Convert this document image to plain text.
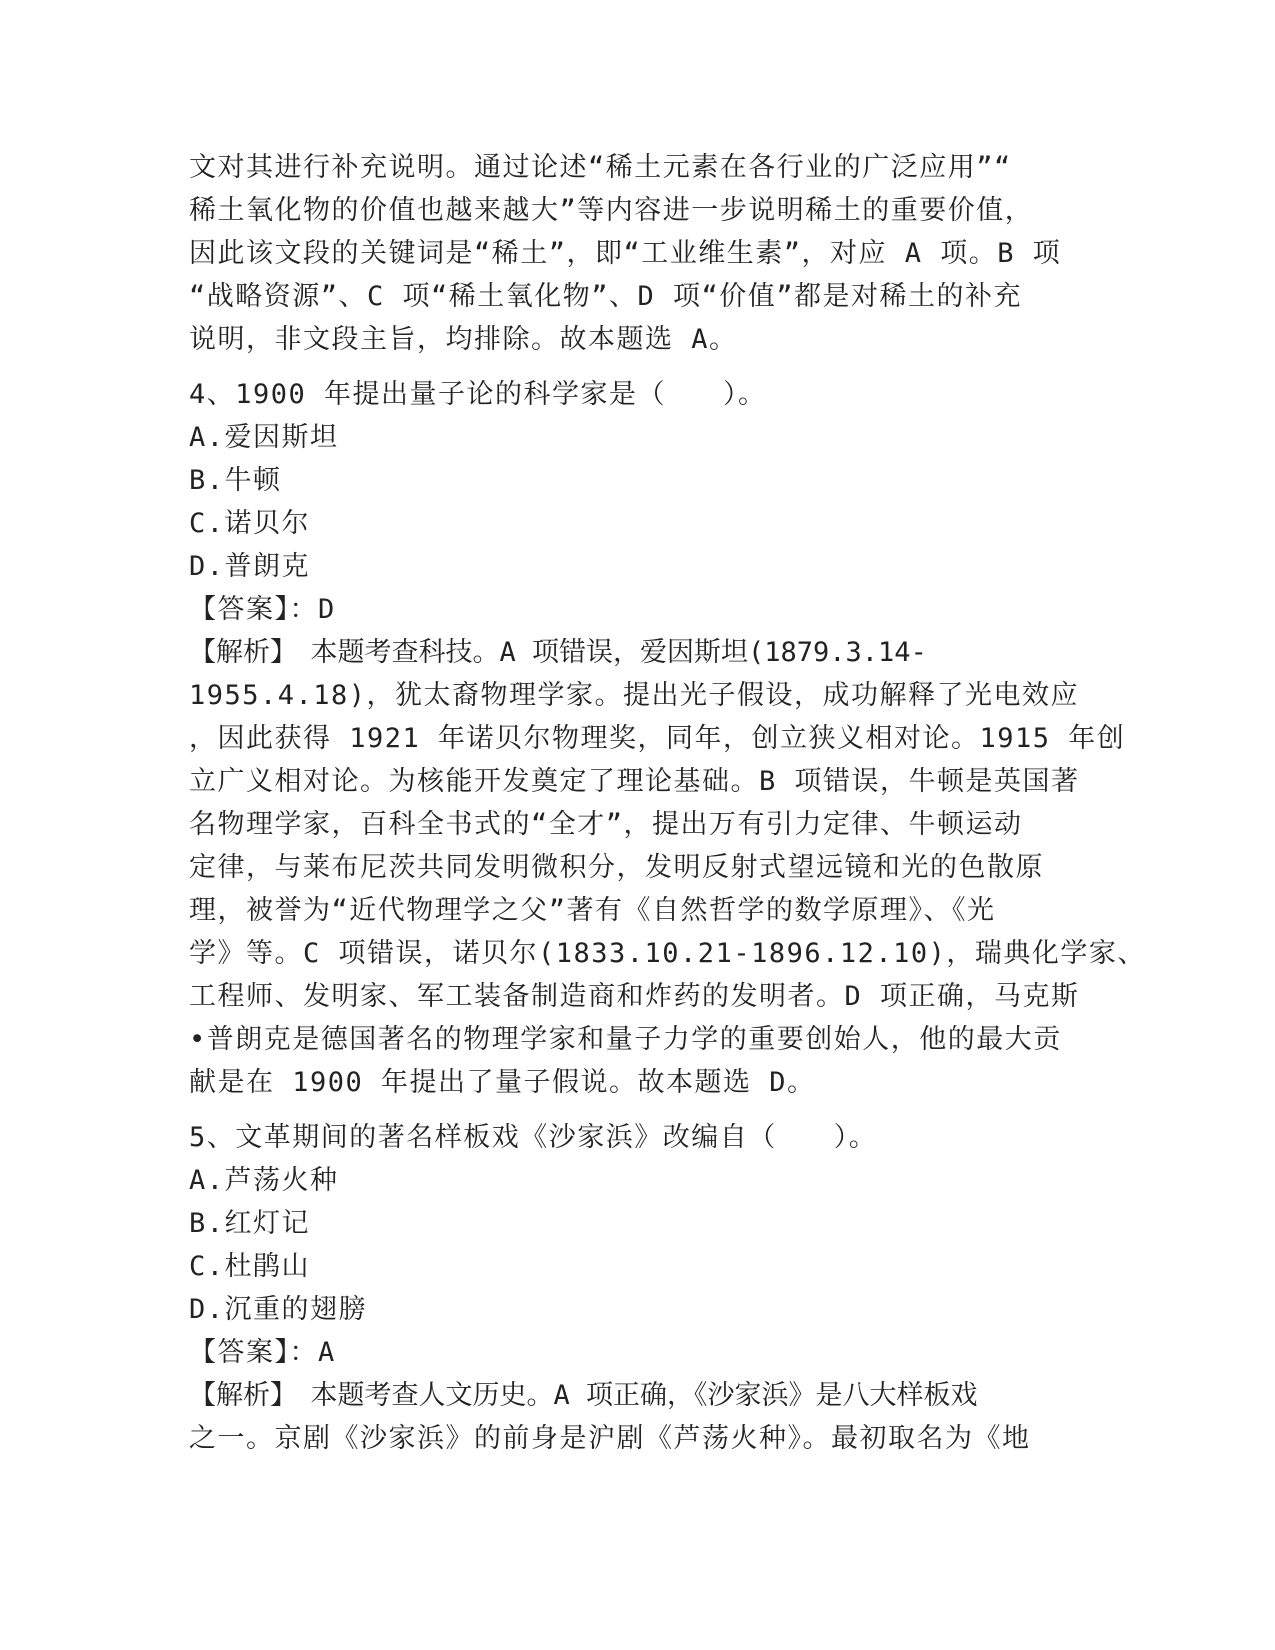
文对其进行补充说明。通过论述“稀土元素在各行业的广泛应用”“
稀土氧化物的价值也越来越大”等内容进一步说明稀土的重要价值，
因此该文段的关键词是“稀土”，即“工业维生素”，对应 A 项。B 项
“战略资源”、C 项“稀土氧化物”、D 项“价值”都是对稀土的补充
说明，非文段主旨，均排除。故本题选 A。
4、1900 年提出量子论的科学家是（　　）。
A.爱因斯坦
B.牛顿
C.诺贝尔
D.普朗克
【答案】：D
【解析】　本题考查科技。A 项错误，爱因斯坦(1879.3.14-
1955.4.18)，犹太裔物理学家。提出光子假设，成功解释了光电效应
，因此获得 1921 年诺贝尔物理奖，同年，创立狭义相对论。1915 年创
立广义相对论。为核能开发奠定了理论基础。B 项错误，牛顿是英国著
名物理学家，百科全书式的“全才”，提出万有引力定律、牛顿运动
定律，与莱布尼茨共同发明微积分，发明反射式望远镜和光的色散原
理，被誉为“近代物理学之父”著有《自然哲学的数学原理》、《光
学》等。C 项错误，诺贝尔(1833.10.21-1896.12.10)，瑞典化学家、
工程师、发明家、军工装备制造商和炸药的发明者。D 项正确，马克斯
•普朗克是德国著名的物理学家和量子力学的重要创始人，他的最大贡
献是在 1900 年提出了量子假说。故本题选 D。
5、文革期间的著名样板戏《沙家浜》改编自（　　）。
A.芦荡火种
B.红灯记
C.杜鹃山
D.沉重的翅膀
【答案】：A
【解析】　本题考查人文历史。A 项正确，《沙家浜》是八大样板戏
之一。京剧《沙家浜》的前身是沪剧《芦荡火种》。最初取名为《地
